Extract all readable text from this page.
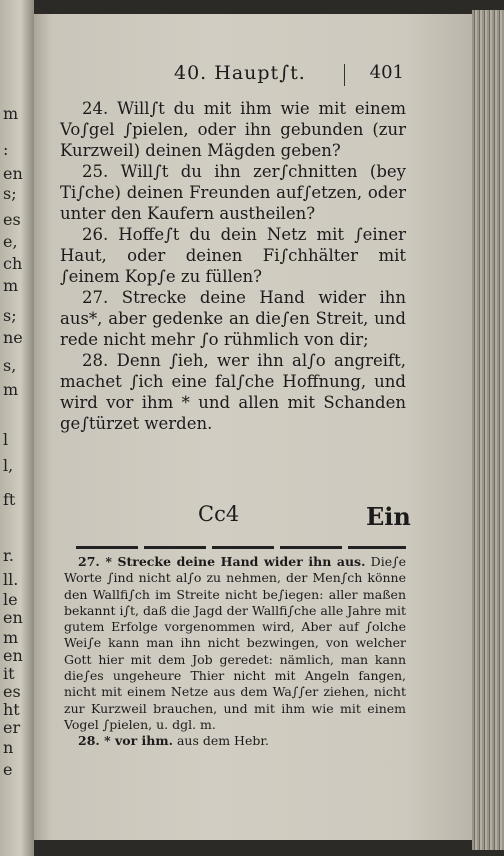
m
:
en
s;
es
e,
ch
m
s;
ne
s,
m
l
l,
ft
r.
ll.
le
en
m
en
it
es
ht
er
n
e
40. Haupt∫t.	401

24. Will∫t du mit ihm wie mit einem Vo∫gel ∫pielen, oder ihn gebunden (zur Kurzweil) deinen Mägden geben?

25. Will∫t du ihn zer∫chnitten (bey Ti∫che) deinen Freunden auf∫etzen, oder unter den Kaufern austheilen?

26. Hoffe∫t du dein Netz mit ∫einer Haut, oder deinen Fi∫chhälter mit ∫einem Kop∫e zu füllen?

27. Strecke deine Hand wider ihn aus*, aber gedenke an die∫en Streit, und rede nicht mehr ∫o rühmlich von dir;

28. Denn ∫ieh, wer ihn al∫o angreift, machet ∫ich eine fal∫che Hoffnung, und wird vor ihm * und allen mit Schanden ge∫türzet werden.

Cc4	Ein

27. * Strecke deine Hand wider ihn aus. Die∫e Worte ∫ind nicht al∫o zu nehmen, der Men∫ch könne den Wallfi∫ch im Streite nicht be∫iegen: aller maßen bekannt i∫t, daß die Jagd der Wallfi∫che alle Jahre mit gutem Erfolge vorgenommen wird, Aber auf ∫olche Wei∫e kann man ihn nicht bezwingen, von welcher Gott hier mit dem Job geredet: nämlich, man kann die∫es ungeheure Thier nicht mit Angeln fangen, nicht mit einem Netze aus dem Wa∫∫er ziehen, nicht zur Kurzweil brauchen, und mit ihm wie mit einem Vogel ∫pielen, u. dgl. m.

28. * vor ihm. aus dem Hebr.
